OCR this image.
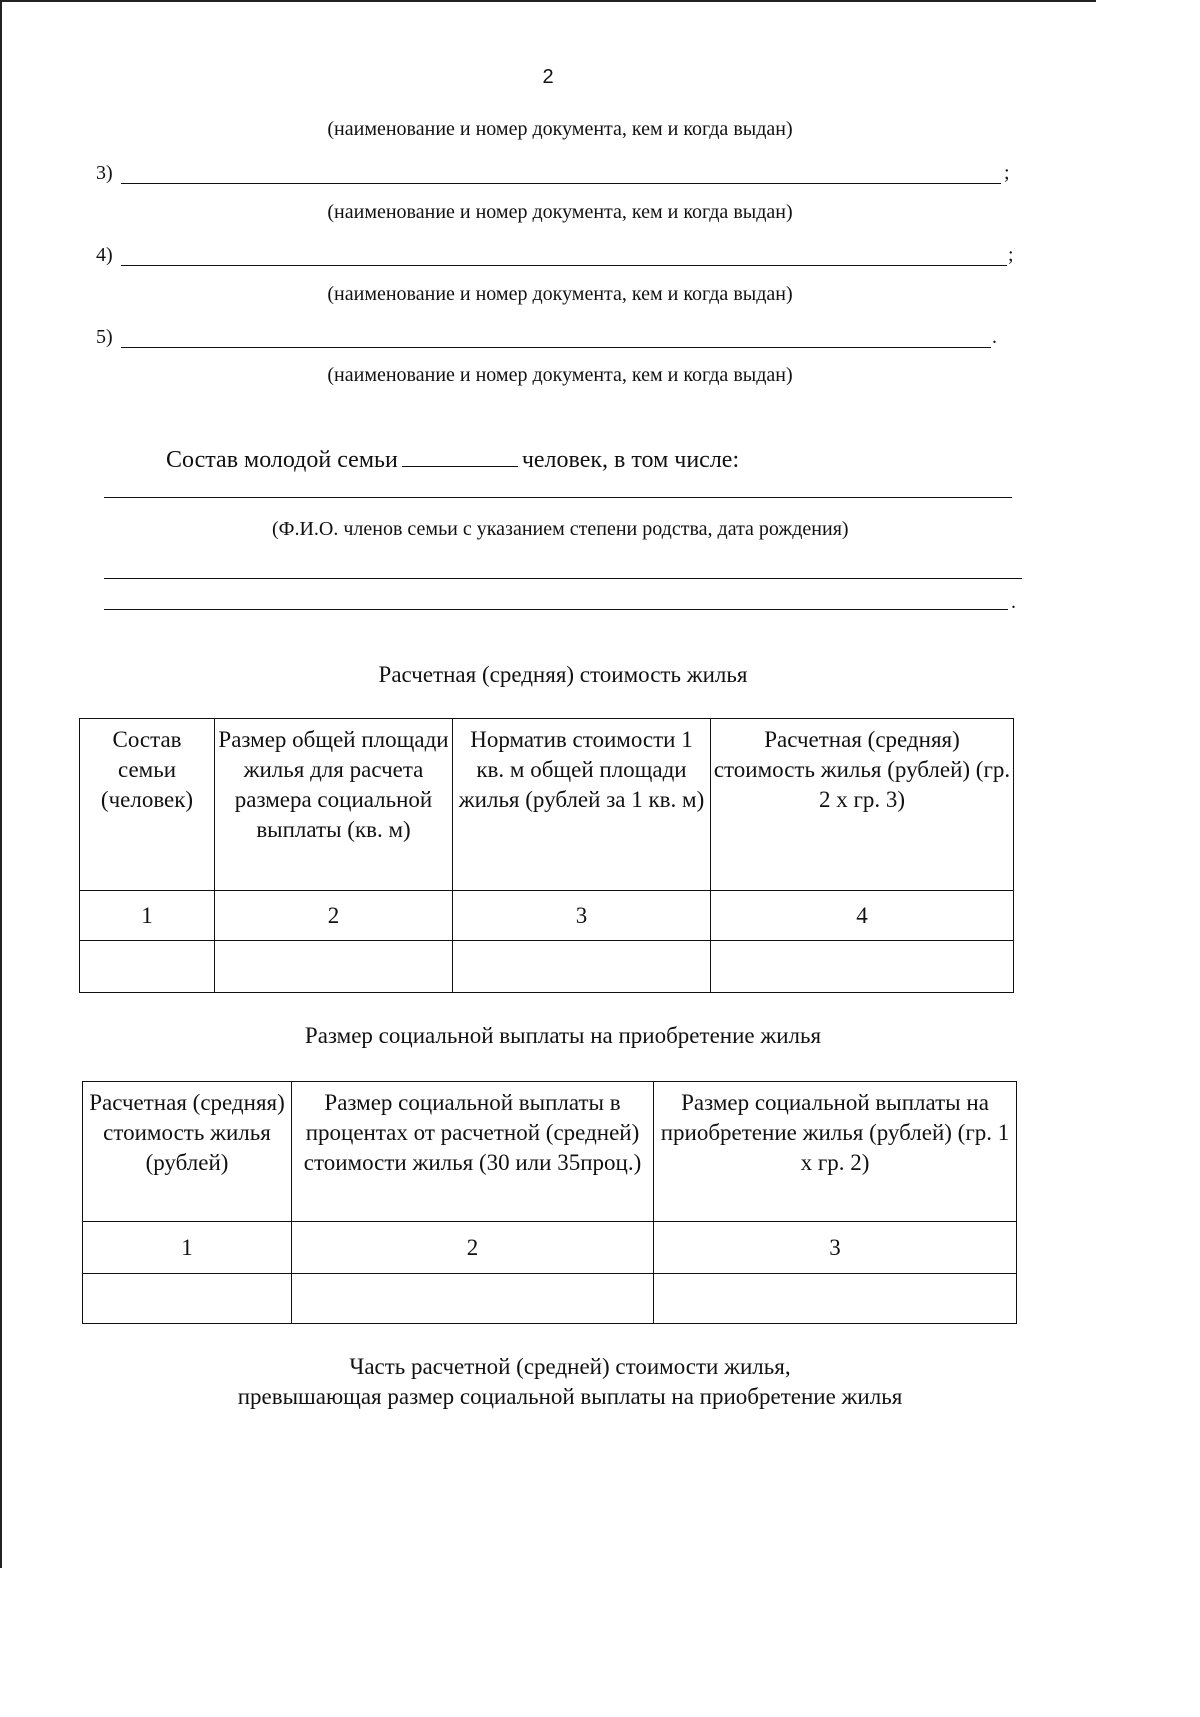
2
(наименование и номер документа, кем и когда выдан)
3)	;
(наименование и номер документа, кем и когда выдан)
4)	;
(наименование и номер документа, кем и когда выдан)
5)	.
(наименование и номер документа, кем и когда выдан)
Состав молодой семьи	человек, в том числе:
(Ф.И.О. членов семьи с указанием степени родства, дата рождения)
.
Расчетная (средняя) стоимость жилья
Состав семьи (человек)	Размер общей площади жилья для расчета размера социальной выплаты (кв. м)	Норматив стоимости 1 кв. м общей площади жилья (рублей за 1 кв. м)	Расчетная (средняя) стоимость жилья (рублей) (гр. 2 х гр. 3)
1	2	3	4

Размер социальной выплаты на приобретение жилья
Расчетная (средняя) стоимость жилья (рублей)	Размер социальной выплаты в процентах от расчетной (средней) стоимости жилья (30 или 35проц.)	Размер социальной выплаты на приобретение жилья (рублей) (гр. 1 х гр. 2)
1	2	3

Часть расчетной (средней) стоимости жилья,
превышающая размер социальной выплаты на приобретение жилья
